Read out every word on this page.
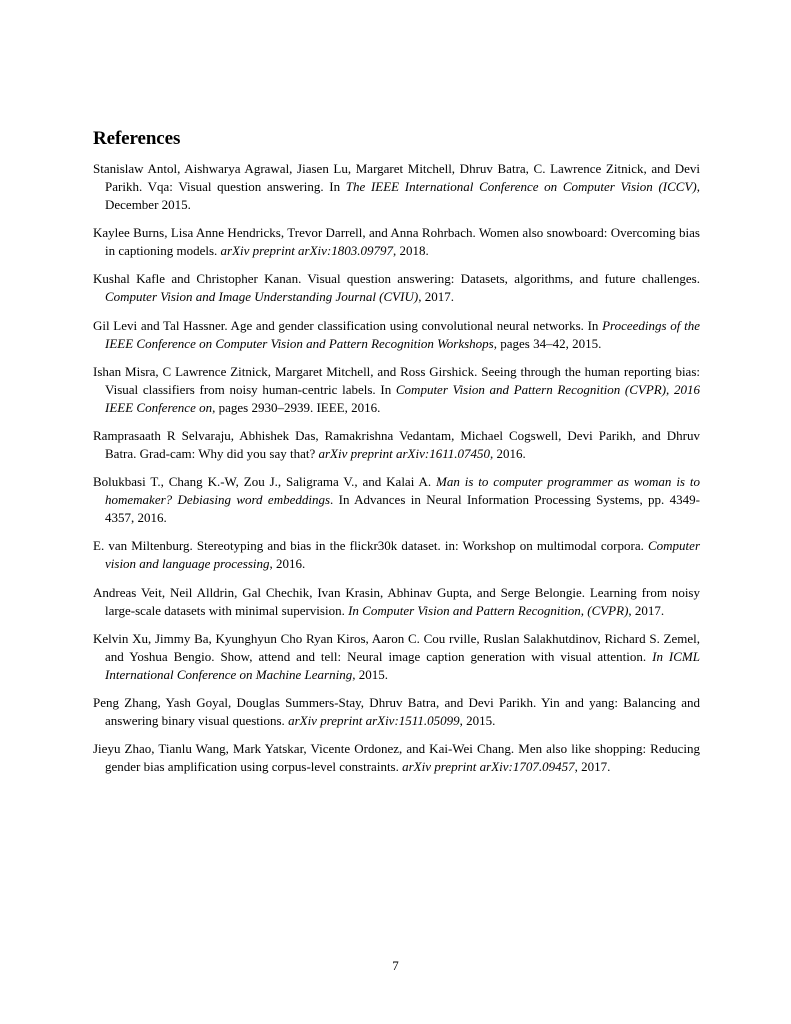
References
Stanislaw Antol, Aishwarya Agrawal, Jiasen Lu, Margaret Mitchell, Dhruv Batra, C. Lawrence Zitnick, and Devi Parikh. Vqa: Visual question answering. In The IEEE International Conference on Computer Vision (ICCV), December 2015.
Kaylee Burns, Lisa Anne Hendricks, Trevor Darrell, and Anna Rohrbach. Women also snowboard: Overcoming bias in captioning models. arXiv preprint arXiv:1803.09797, 2018.
Kushal Kafle and Christopher Kanan. Visual question answering: Datasets, algorithms, and future challenges. Computer Vision and Image Understanding Journal (CVIU), 2017.
Gil Levi and Tal Hassner. Age and gender classification using convolutional neural networks. In Proceedings of the IEEE Conference on Computer Vision and Pattern Recognition Workshops, pages 34–42, 2015.
Ishan Misra, C Lawrence Zitnick, Margaret Mitchell, and Ross Girshick. Seeing through the human reporting bias: Visual classifiers from noisy human-centric labels. In Computer Vision and Pattern Recognition (CVPR), 2016 IEEE Conference on, pages 2930–2939. IEEE, 2016.
Ramprasaath R Selvaraju, Abhishek Das, Ramakrishna Vedantam, Michael Cogswell, Devi Parikh, and Dhruv Batra. Grad-cam: Why did you say that? arXiv preprint arXiv:1611.07450, 2016.
Bolukbasi T., Chang K.-W, Zou J., Saligrama V., and Kalai A. Man is to computer programmer as woman is to homemaker? Debiasing word embeddings. In Advances in Neural Information Processing Systems, pp. 4349-4357, 2016.
E. van Miltenburg. Stereotyping and bias in the flickr30k dataset. in: Workshop on multimodal corpora. Computer vision and language processing, 2016.
Andreas Veit, Neil Alldrin, Gal Chechik, Ivan Krasin, Abhinav Gupta, and Serge Belongie. Learning from noisy large-scale datasets with minimal supervision. In Computer Vision and Pattern Recognition, (CVPR), 2017.
Kelvin Xu, Jimmy Ba, Kyunghyun Cho Ryan Kiros, Aaron C. Cou rville, Ruslan Salakhutdinov, Richard S. Zemel, and Yoshua Bengio. Show, attend and tell: Neural image caption generation with visual attention. In ICML International Conference on Machine Learning, 2015.
Peng Zhang, Yash Goyal, Douglas Summers-Stay, Dhruv Batra, and Devi Parikh. Yin and yang: Balancing and answering binary visual questions. arXiv preprint arXiv:1511.05099, 2015.
Jieyu Zhao, Tianlu Wang, Mark Yatskar, Vicente Ordonez, and Kai-Wei Chang. Men also like shopping: Reducing gender bias amplification using corpus-level constraints. arXiv preprint arXiv:1707.09457, 2017.
7
